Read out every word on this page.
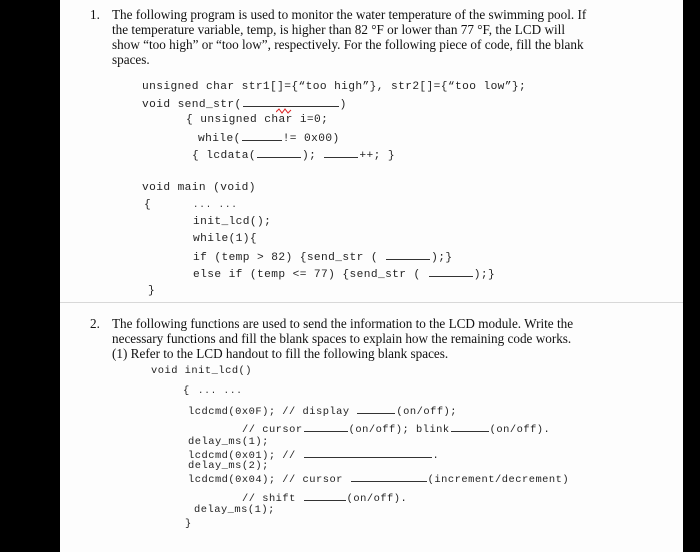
1. The following program is used to monitor the water temperature of the swimming pool. If
the temperature variable, temp, is higher than 82 °F or lower than 77 °F, the LCD will
show “too high” or “too low”, respectively. For the following piece of code, fill the blank
spaces.
unsigned char str1[]={“too high”}, str2[]={“too low”};
void send_str(	)
{ unsigned char i=0;
while(	!= 0x00)
{ lcdata(	);	++; }
void main (void)
{	... ...
init_lcd();
while(1){
if (temp > 82) {send_str (	);}
else if (temp <= 77) {send_str (	);}
}
2. The following functions are used to send the information to the LCD module. Write the
necessary functions and fill the blank spaces to explain how the remaining code works.
(1) Refer to the LCD handout to fill the following blank spaces.
void init_lcd()
{ ... ...
lcdcmd(0x0F); // display	(on/off);
// cursor	(on/off); blink	(on/off).
delay_ms(1);
lcdcmd(0x01); //	.
delay_ms(2);
lcdcmd(0x04); // cursor	(increment/decrement)
// shift	(on/off).
delay_ms(1);
}
